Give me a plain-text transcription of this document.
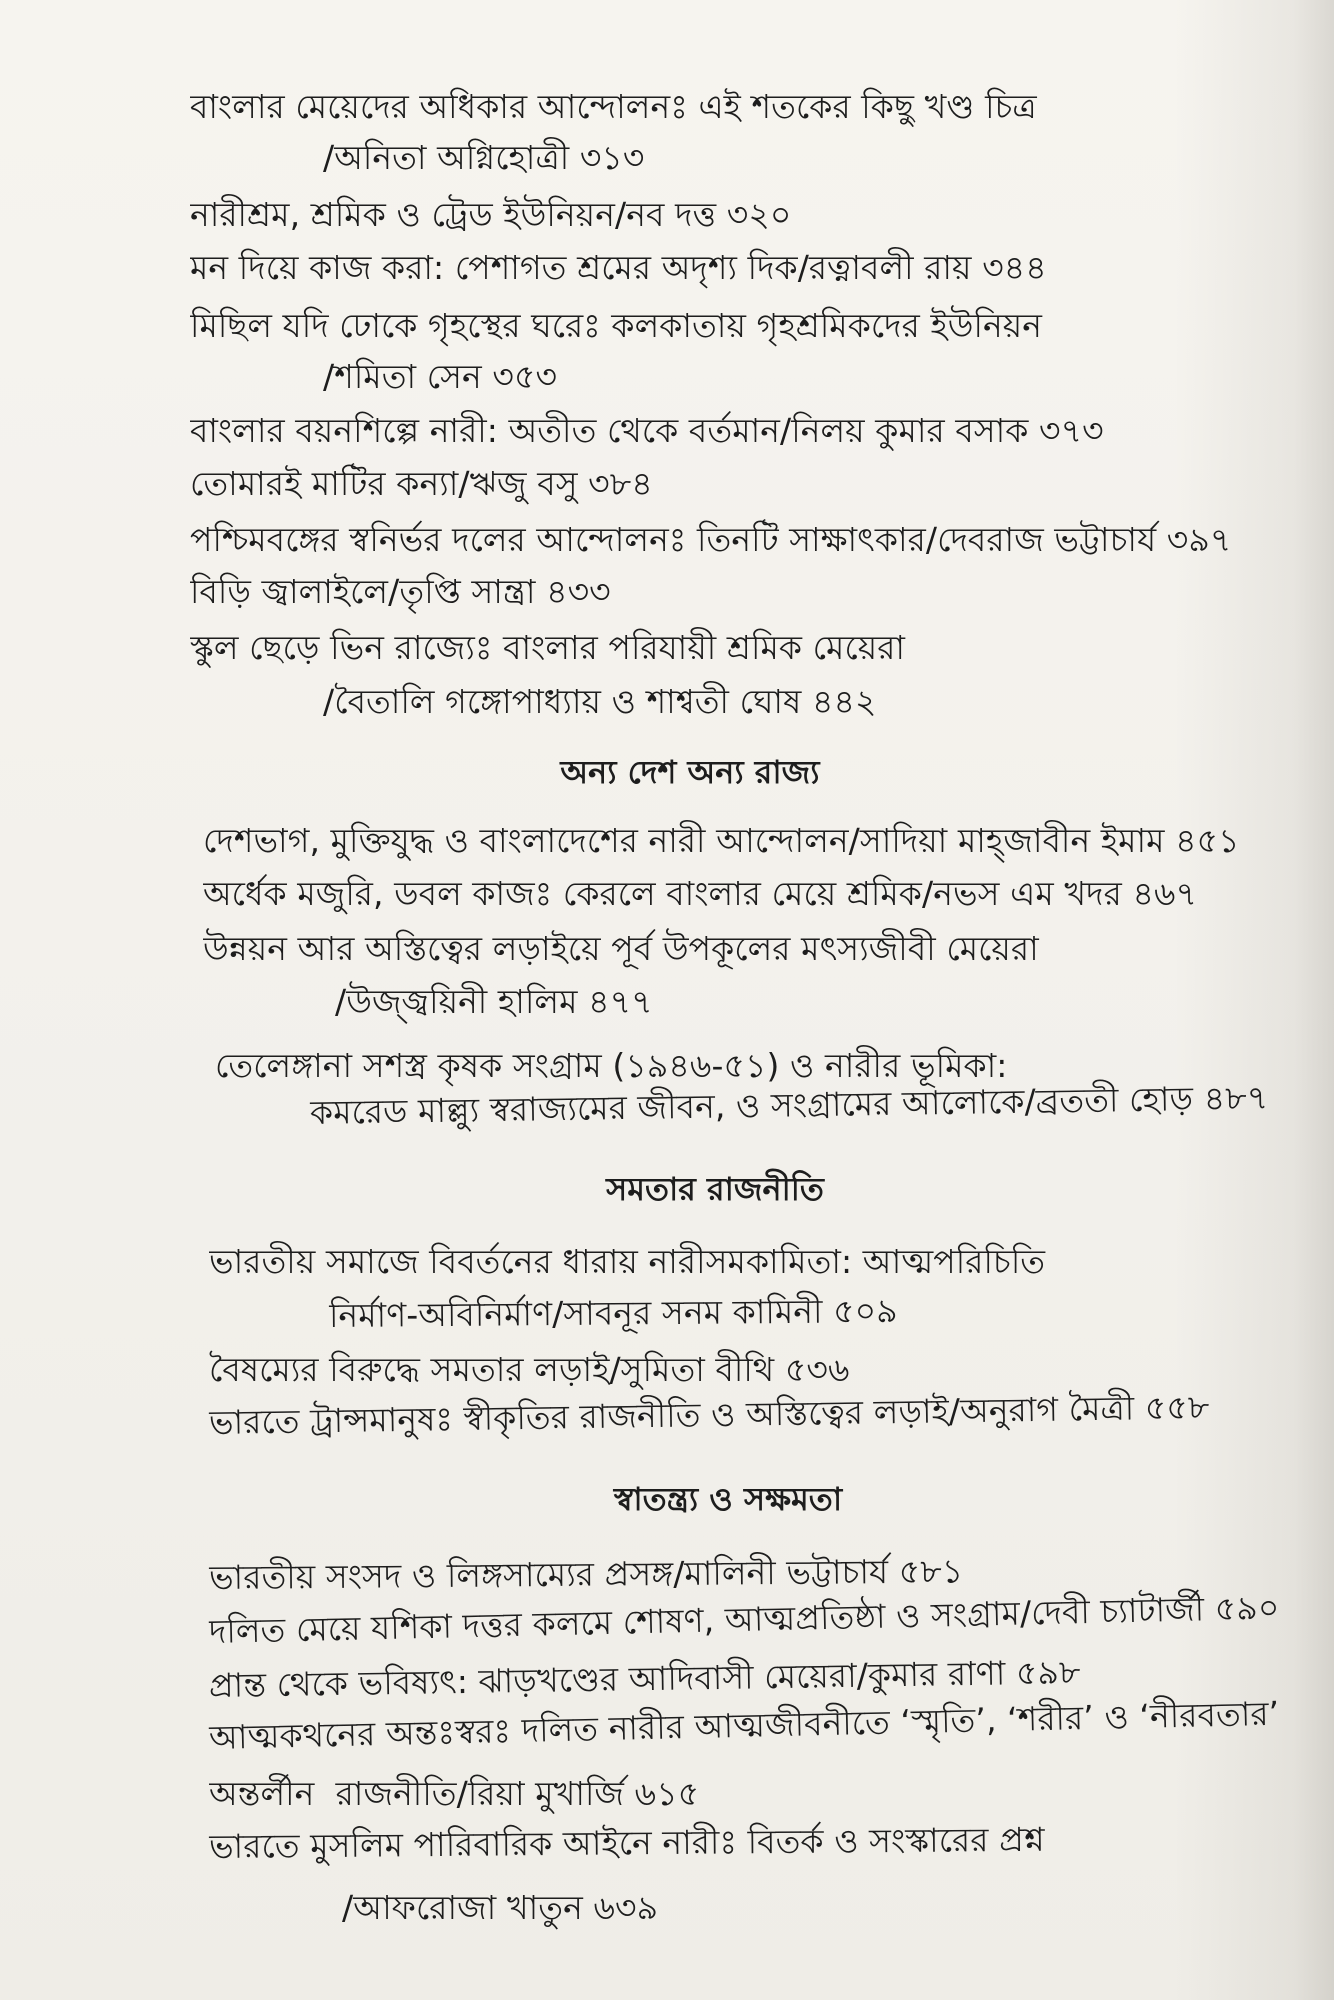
বাংলার মেয়েদের অধিকার আন্দোলনঃ এই শতকের কিছু খণ্ড চিত্র
/অনিতা অগ্নিহোত্রী ৩১৩
নারীশ্রম, শ্রমিক ও ট্রেড ইউনিয়ন/নব দত্ত ৩২০
মন দিয়ে কাজ করা: পেশাগত শ্রমের অদৃশ্য দিক/রত্নাবলী রায় ৩৪৪
মিছিল যদি ঢোকে গৃহস্থের ঘরেঃ কলকাতায় গৃহশ্রমিকদের ইউনিয়ন
/শমিতা সেন ৩৫৩
বাংলার বয়নশিল্পে নারী: অতীত থেকে বর্তমান/নিলয় কুমার বসাক ৩৭৩
তোমারই মাটির কন্যা/ঋজু বসু ৩৮৪
পশ্চিমবঙ্গের স্বনির্ভর দলের আন্দোলনঃ তিনটি সাক্ষাৎকার/দেবরাজ ভট্টাচার্য ৩৯৭
বিড়ি জ্বালাইলে/তৃপ্তি সান্ত্রা ৪৩৩
স্কুল ছেড়ে ভিন রাজ্যেঃ বাংলার পরিযায়ী শ্রমিক মেয়েরা
/বৈতালি গঙ্গোপাধ্যায় ও শাশ্বতী ঘোষ ৪৪২
অন্য দেশ অন্য রাজ্য
দেশভাগ, মুক্তিযুদ্ধ ও বাংলাদেশের নারী আন্দোলন/সাদিয়া মাহ্জাবীন ইমাম ৪৫১
অর্ধেক মজুরি, ডবল কাজঃ কেরলে বাংলার মেয়ে শ্রমিক/নভস এম খদর ৪৬৭
উন্নয়ন আর অস্তিত্বের লড়াইয়ে পূর্ব উপকূলের মৎস্যজীবী মেয়েরা
/উজ্জ্বয়িনী হালিম ৪৭৭
তেলেঙ্গানা সশস্ত্র কৃষক সংগ্রাম (১৯৪৬-৫১) ও নারীর ভূমিকা:
কমরেড মাল্ল্যু স্বরাজ্যমের জীবন, ও সংগ্রামের আলোকে/ব্রততী হোড় ৪৮৭
সমতার রাজনীতি
ভারতীয় সমাজে বিবর্তনের ধারায় নারীসমকামিতা: আত্মপরিচিতি
নির্মাণ-অবিনির্মাণ/সাবনূর সনম কামিনী ৫০৯
বৈষম্যের বিরুদ্ধে সমতার লড়াই/সুমিতা বীথি ৫৩৬
ভারতে ট্রান্সমানুষঃ স্বীকৃতির রাজনীতি ও অস্তিত্বের লড়াই/অনুরাগ মৈত্রী ৫৫৮
স্বাতন্ত্র্য ও সক্ষমতা
ভারতীয় সংসদ ও লিঙ্গসাম্যের প্রসঙ্গ/মালিনী ভট্টাচার্য ৫৮১
দলিত মেয়ে যশিকা দত্তর কলমে শোষণ, আত্মপ্রতিষ্ঠা ও সংগ্রাম/দেবী চ্যাটার্জী ৫৯০
প্রান্ত থেকে ভবিষ্যৎ: ঝাড়খণ্ডের আদিবাসী মেয়েরা/কুমার রাণা ৫৯৮
আত্মকথনের অন্তঃস্বরঃ দলিত নারীর আত্মজীবনীতে ‘স্মৃতি’, ‘শরীর’ ও ‘নীরবতার’
অন্তর্লীন  রাজনীতি/রিয়া মুখার্জি ৬১৫
ভারতে মুসলিম পারিবারিক আইনে নারীঃ বিতর্ক ও সংস্কারের প্রশ্ন
/আফরোজা খাতুন ৬৩৯
